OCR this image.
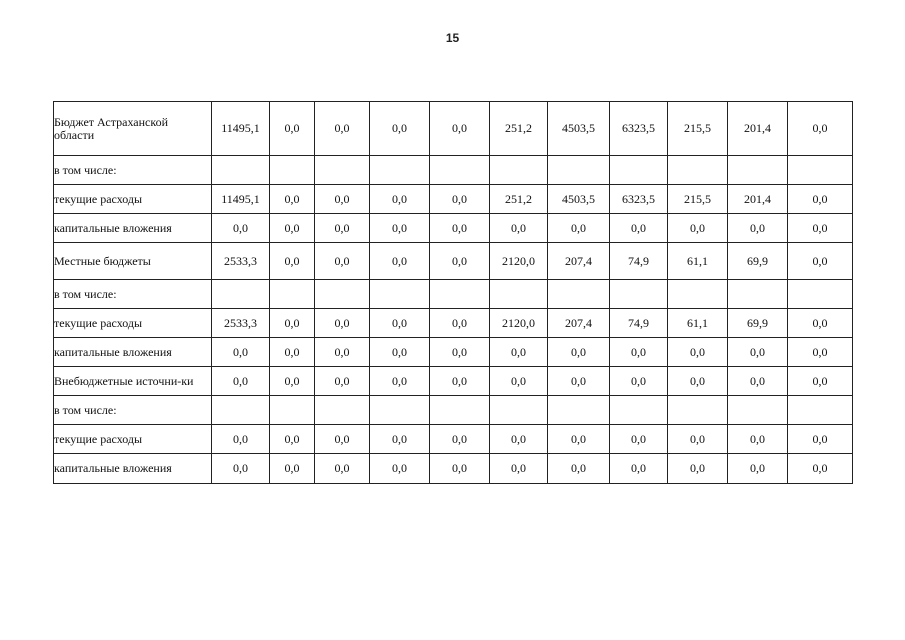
15
Бюджет Астраханской области	11495,1	0,0	0,0	0,0	0,0	251,2	4503,5	6323,5	215,5	201,4	0,0
в том числе:											
текущие расходы	11495,1	0,0	0,0	0,0	0,0	251,2	4503,5	6323,5	215,5	201,4	0,0
капитальные вложения	0,0	0,0	0,0	0,0	0,0	0,0	0,0	0,0	0,0	0,0	0,0
Местные бюджеты	2533,3	0,0	0,0	0,0	0,0	2120,0	207,4	74,9	61,1	69,9	0,0
в том числе:											
текущие расходы	2533,3	0,0	0,0	0,0	0,0	2120,0	207,4	74,9	61,1	69,9	0,0
капитальные вложения	0,0	0,0	0,0	0,0	0,0	0,0	0,0	0,0	0,0	0,0	0,0
Внебюджетные источни-ки	0,0	0,0	0,0	0,0	0,0	0,0	0,0	0,0	0,0	0,0	0,0
в том числе:											
текущие расходы	0,0	0,0	0,0	0,0	0,0	0,0	0,0	0,0	0,0	0,0	0,0
капитальные вложения	0,0	0,0	0,0	0,0	0,0	0,0	0,0	0,0	0,0	0,0	0,0
